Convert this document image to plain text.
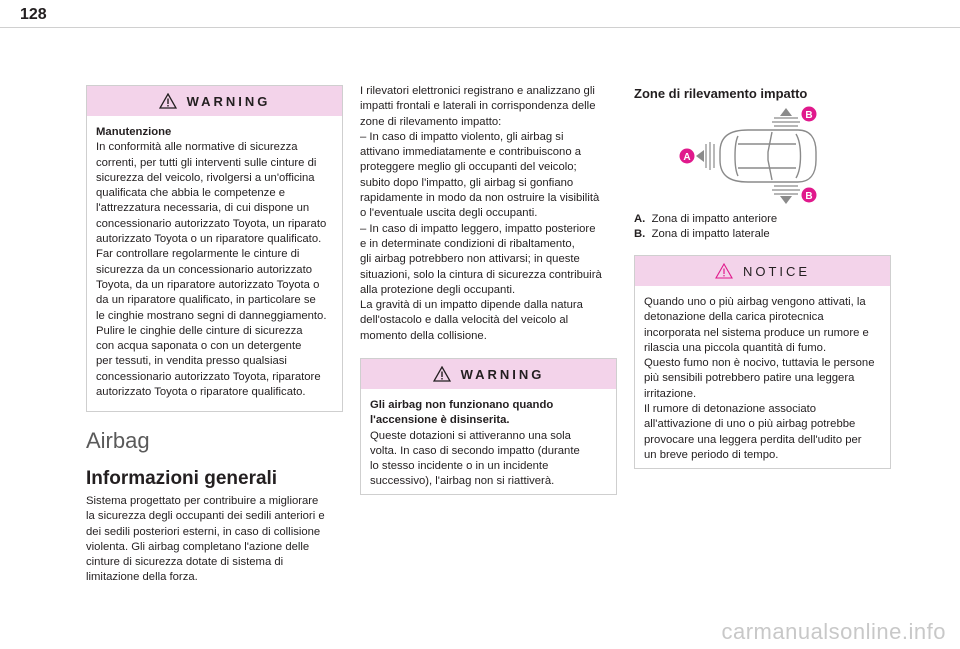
128
WARNING
Manutenzione
In conformità alle normative di sicurezza
correnti, per tutti gli interventi sulle cinture di
sicurezza del veicolo, rivolgersi a un'officina
qualificata che abbia le competenze e
l'attrezzatura necessaria, di cui dispone un
concessionario autorizzato Toyota, un riparato
autorizzato Toyota o un riparatore qualificato.
Far controllare regolarmente le cinture di
sicurezza da un concessionario autorizzato
Toyota, da un riparatore autorizzato Toyota o
da un riparatore qualificato, in particolare se
le cinghie mostrano segni di danneggiamento.
Pulire le cinghie delle cinture di sicurezza
con acqua saponata o con un detergente
per tessuti, in vendita presso qualsiasi
concessionario autorizzato Toyota, riparatore
autorizzato Toyota o riparatore qualificato.
Airbag
Informazioni generali
Sistema progettato per contribuire a migliorare
la sicurezza degli occupanti dei sedili anteriori e
dei sedili posteriori esterni, in caso di collisione
violenta. Gli airbag completano l'azione delle
cinture di sicurezza dotate di sistema di
limitazione della forza.
I rilevatori elettronici registrano e analizzano gli
impatti frontali e laterali in corrispondenza delle
zone di rilevamento impatto:
– In caso di impatto violento, gli airbag si
attivano immediatamente e contribuiscono a
proteggere meglio gli occupanti del veicolo;
subito dopo l'impatto, gli airbag si gonfiano
rapidamente in modo da non ostruire la visibilità
o l'eventuale uscita degli occupanti.
– In caso di impatto leggero, impatto posteriore
e in determinate condizioni di ribaltamento,
gli airbag potrebbero non attivarsi; in queste
situazioni, solo la cintura di sicurezza contribuirà
alla protezione degli occupanti.
La gravità di un impatto dipende dalla natura
dell'ostacolo e dalla velocità del veicolo al
momento della collisione.
WARNING
Gli airbag non funzionano quando
l'accensione è disinserita.
Queste dotazioni si attiveranno una sola
volta. In caso di secondo impatto (durante
lo stesso incidente o in un incidente
successivo), l'airbag non si riattiverà.
Zone di rilevamento impatto
A
B
B
A. Zona di impatto anteriore
B. Zona di impatto laterale
NOTICE
Quando uno o più airbag vengono attivati, la
detonazione della carica pirotecnica
incorporata nel sistema produce un rumore e
rilascia una piccola quantità di fumo.
Questo fumo non è nocivo, tuttavia le persone
più sensibili potrebbero patire una leggera
irritazione.
Il rumore di detonazione associato
all'attivazione di uno o più airbag potrebbe
provocare una leggera perdita dell'udito per
un breve periodo di tempo.
carmanualsonline.info
